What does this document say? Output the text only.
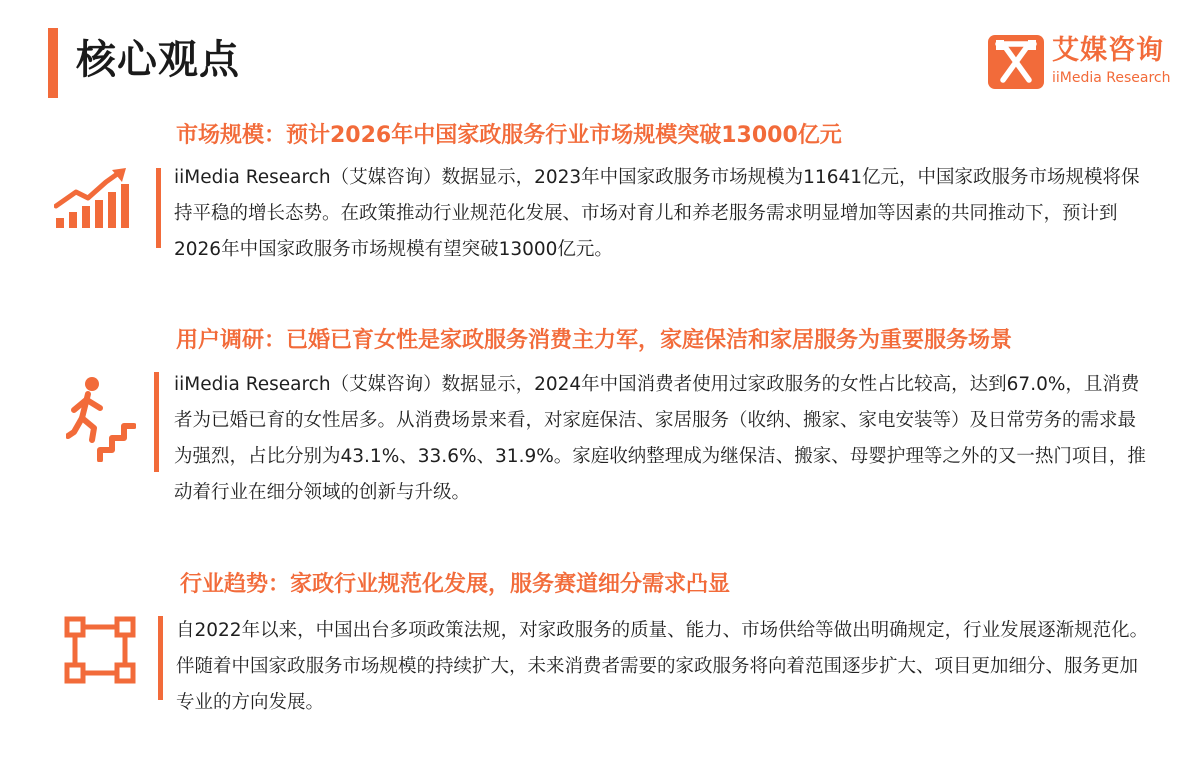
核心观点	艾媒咨询
iiMedia Research
市场规模：预计2026年中国家政服务行业市场规模突破13000亿元
iiMedia Research（艾媒咨询）数据显示，2023年中国家政服务市场规模为11641亿元，中国家政服务市场规模将保持平稳的增长态势。在政策推动行业规范化发展、市场对育儿和养老服务需求明显增加等因素的共同推动下，预计到2026年中国家政服务市场规模有望突破13000亿元。
用户调研：已婚已育女性是家政服务消费主力军，家庭保洁和家居服务为重要服务场景
iiMedia Research（艾媒咨询）数据显示，2024年中国消费者使用过家政服务的女性占比较高，达到67.0%，且消费者为已婚已育的女性居多。从消费场景来看，对家庭保洁、家居服务（收纳、搬家、家电安装等）及日常劳务的需求最为强烈，占比分别为43.1%、33.6%、31.9%。家庭收纳整理成为继保洁、搬家、母婴护理等之外的又一热门项目，推动着行业在细分领域的创新与升级。
行业趋势：家政行业规范化发展，服务赛道细分需求凸显
自2022年以来，中国出台多项政策法规，对家政服务的质量、能力、市场供给等做出明确规定，行业发展逐渐规范化。伴随着中国家政服务市场规模的持续扩大，未来消费者需要的家政服务将向着范围逐步扩大、项目更加细分、服务更加专业的方向发展。
